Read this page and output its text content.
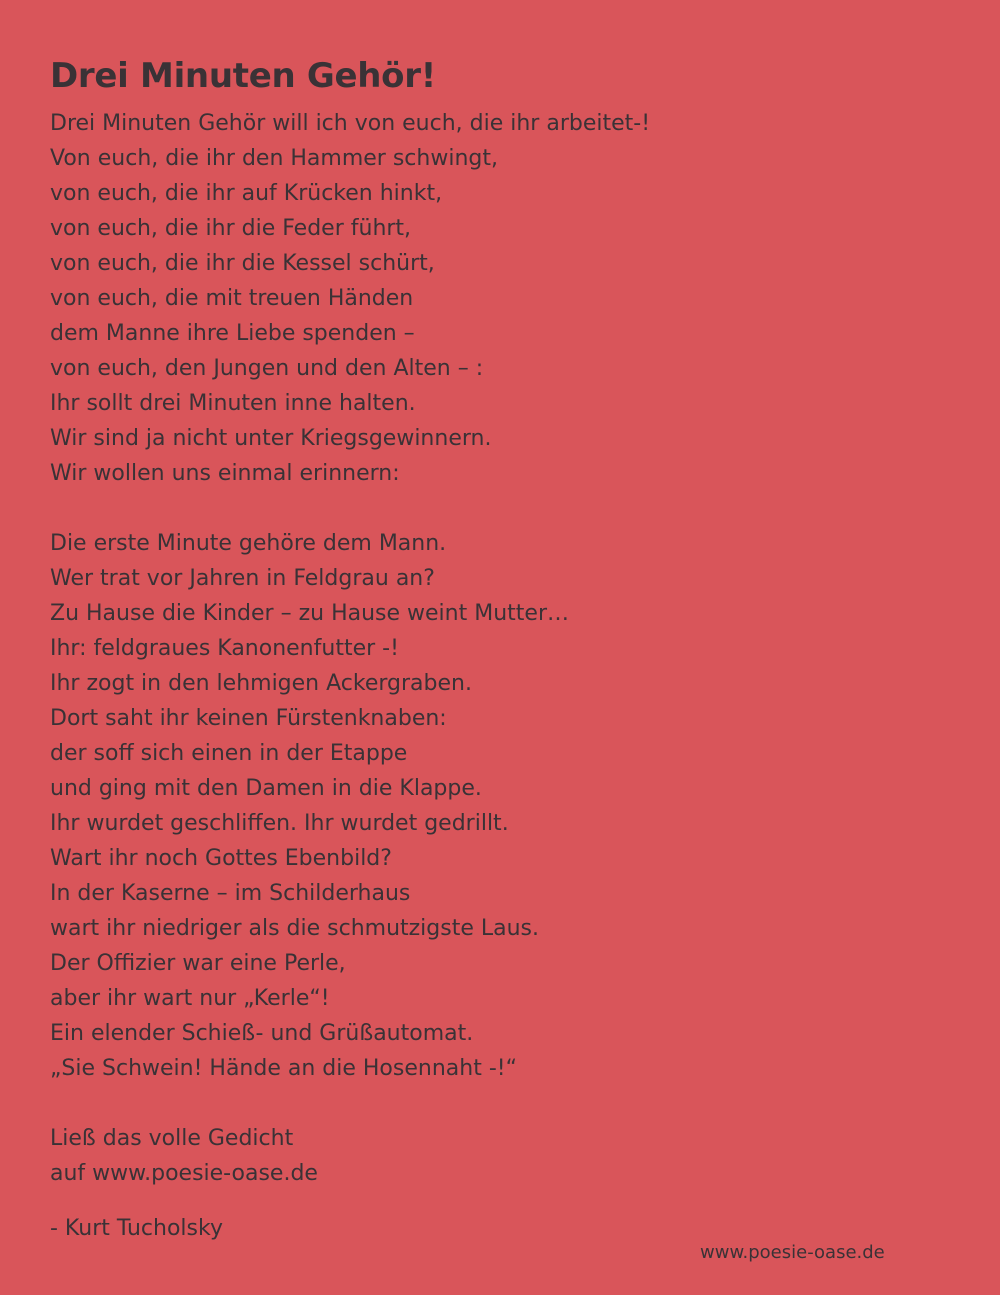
Drei Minuten Gehör!
Drei Minuten Gehör will ich von euch, die ihr arbeitet-!
Von euch, die ihr den Hammer schwingt,
von euch, die ihr auf Krücken hinkt,
von euch, die ihr die Feder führt,
von euch, die ihr die Kessel schürt,
von euch, die mit treuen Händen
dem Manne ihre Liebe spenden –
von euch, den Jungen und den Alten – :
Ihr sollt drei Minuten inne halten.
Wir sind ja nicht unter Kriegsgewinnern.
Wir wollen uns einmal erinnern:
Die erste Minute gehöre dem Mann.
Wer trat vor Jahren in Feldgrau an?
Zu Hause die Kinder – zu Hause weint Mutter…
Ihr: feldgraues Kanonenfutter -!
Ihr zogt in den lehmigen Ackergraben.
Dort saht ihr keinen Fürstenknaben:
der soff sich einen in der Etappe
und ging mit den Damen in die Klappe.
Ihr wurdet geschliffen. Ihr wurdet gedrillt.
Wart ihr noch Gottes Ebenbild?
In der Kaserne – im Schilderhaus
wart ihr niedriger als die schmutzigste Laus.
Der Offizier war eine Perle,
aber ihr wart nur „Kerle“!
Ein elender Schieß- und Grüßautomat.
„Sie Schwein! Hände an die Hosennaht -!“
Ließ das volle Gedicht
auf www.poesie-oase.de
- Kurt Tucholsky
www.poesie-oase.de
